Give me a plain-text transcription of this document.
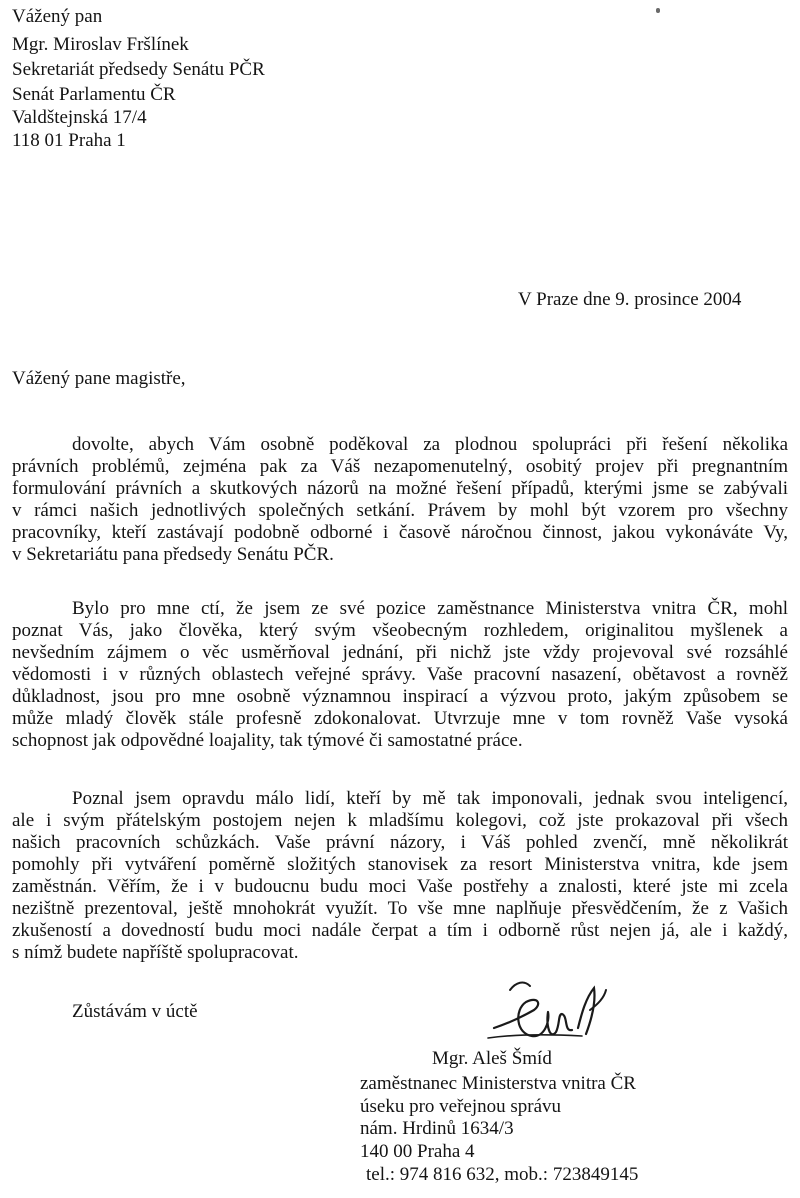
Vážený pan
Mgr. Miroslav Fršlínek
Sekretariát předsedy Senátu PČR
Senát Parlamentu ČR
Valdštejnská 17/4
118 01 Praha 1
V Praze dne 9. prosince 2004
Vážený pane magistře,
dovolte, abych Vám osobně poděkoval za plodnou spolupráci při řešení několika
právních problémů, zejména pak za Váš nezapomenutelný, osobitý projev při pregnantním
formulování právních a skutkových názorů na možné řešení případů, kterými jsme se zabývali
v rámci našich jednotlivých společných setkání. Právem by mohl být vzorem pro všechny
pracovníky, kteří zastávají podobně odborné i časově náročnou činnost, jakou vykonáváte Vy,
v Sekretariátu pana předsedy Senátu PČR.
Bylo pro mne ctí, že jsem ze své pozice zaměstnance Ministerstva vnitra ČR, mohl
poznat Vás, jako člověka, který svým všeobecným rozhledem, originalitou myšlenek a
nevšedním zájmem o věc usměrňoval jednání, při nichž jste vždy projevoval své rozsáhlé
vědomosti i v různých oblastech veřejné správy. Vaše pracovní nasazení, obětavost a rovněž
důkladnost, jsou pro mne osobně významnou inspirací a výzvou proto, jakým způsobem se
může mladý člověk stále profesně zdokonalovat. Utvrzuje mne v tom rovněž Vaše vysoká
schopnost jak odpovědné loajality, tak týmové či samostatné práce.
Poznal jsem opravdu málo lidí, kteří by mě tak imponovali, jednak svou inteligencí,
ale i svým přátelským postojem nejen k mladšímu kolegovi, což jste prokazoval při všech
našich pracovních schůzkách. Vaše právní názory, i Váš pohled zvenčí, mně několikrát
pomohly při vytváření poměrně složitých stanovisek za resort Ministerstva vnitra, kde jsem
zaměstnán. Věřím, že i v budoucnu budu moci Vaše postřehy a znalosti, které jste mi zcela
nezištně prezentoval, ještě mnohokrát využít. To vše mne naplňuje přesvědčením, že z Vašich
zkušeností a dovedností budu moci nadále čerpat a tím i odborně růst nejen já, ale i každý,
s nímž budete napříště spolupracovat.
Zůstávám v úctě
Mgr. Aleš Šmíd
zaměstnanec Ministerstva vnitra ČR
úseku pro veřejnou správu
nám. Hrdinů 1634/3
140 00 Praha 4
tel.: 974 816 632, mob.: 723849145
